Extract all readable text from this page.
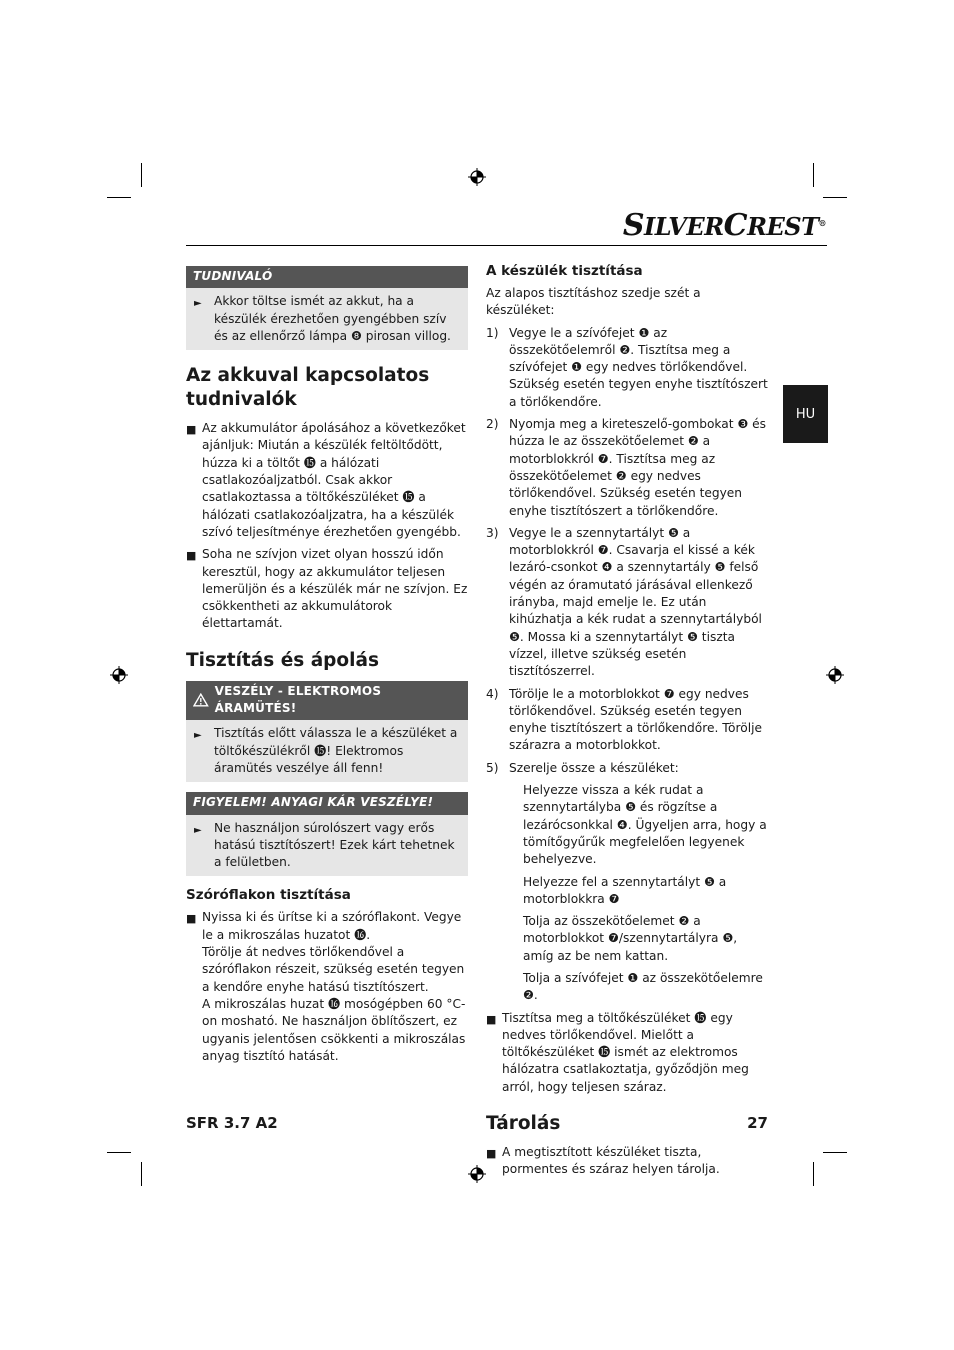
SILVERCREST®
HU
TUDNIVALÓ
►	Akkor töltse ismét az akkut, ha a készülék érezhetően gyengébben szív és az ellenőrző lámpa ❽ pirosan villog.
Az akkuval kapcsolatos tudnivalók
■ Az akkumulátor ápolásához a következőket ajánljuk: Miután a készülék feltöltődött, húzza ki a töltőt ⓯ a hálózati csatlakozóaljzatból. Csak akkor csatlakoztassa a töltőkészüléket ⓯ a hálózati csatlakozóaljzatra, ha a készülék szívó teljesítménye érezhetően gyengébb.
■ Soha ne szívjon vizet olyan hosszú időn keresztül, hogy az akkumulátor teljesen lemerüljön és a készülék már ne szívjon. Ez csökkentheti az akkumulátorok élettartamát.
Tisztítás és ápolás
VESZÉLY - ELEKTROMOS ÁRAMÜTÉS!
►	Tisztítás előtt válassza le a készüléket a töltőkészülékről ⓯! Elektromos áramütés veszélye áll fenn!
FIGYELEM! ANYAGI KÁR VESZÉLYE!
►	Ne használjon súrolószert vagy erős hatású tisztítószert! Ezek kárt tehetnek a felületben.
Szóróflakon tisztítása
■ Nyissa ki és ürítse ki a szóróflakont. Vegye le a mikroszálas huzatot ⓰.
Törölje át nedves törlőkendővel a szóróflakon részeit, szükség esetén tegyen a kendőre enyhe hatású tisztítószert.
A mikroszálas huzat ⓰ mosógépben 60 °C-on mosható. Ne használjon öblítőszert, ez ugyanis jelentősen csökkenti a mikroszálas anyag tisztító hatását.
A készülék tisztítása

Az alapos tisztításhoz szedje szét a készüléket:

1) Vegye le a szívófejet ❶ az összekötőelemről ❷. Tisztítsa meg a szívófejet ❶ egy nedves törlőkendővel. Szükség esetén tegyen enyhe tisztítószert a törlőkendőre.
2) Nyomja meg a kireteszelő-gombokat ❸ és húzza le az összekötőelemet ❷ a motorblokkról ❼. Tisztítsa meg az összekötőelemet ❷ egy nedves törlőkendővel. Szükség esetén tegyen enyhe tisztítószert a törlőkendőre.
3) Vegye le a szennytartályt ❺ a motorblokkról ❼. Csavarja el kissé a kék lezáró-csonkot ❹ a szennytartály ❺ felső végén az óramutató járásával ellenkező irányba, majd emelje le. Ez után kihúzhatja a kék rudat a szennytartályból ❺. Mossa ki a szennytartályt ❺ tiszta vízzel, illetve szükség esetén tisztítószerrel.
4) Törölje le a motorblokkot ❼ egy nedves törlőkendővel. Szükség esetén tegyen enyhe tisztítószert a törlőkendőre. Törölje szárazra a motorblokkot.
5) Szerelje össze a készüléket:
Helyezze vissza a kék rudat a szennytartályba ❺ és rögzítse a lezárócsonkkal ❹. Ügyeljen arra, hogy a tömítőgyűrűk megfelelően legyenek behelyezve.
Helyezze fel a szennytartályt ❺ a motorblokkra ❼
Tolja az összekötőelemet ❷ a motorblokkot ❼/szennytartályra ❺, amíg az be nem kattan.
Tolja a szívófejet ❶ az összekötőelemre ❷.
■ Tisztítsa meg a töltőkészüléket ⓯ egy nedves törlőkendővel. Mielőtt a töltőkészüléket ⓯ ismét az elektromos hálózatra csatlakoztatja, győződjön meg arról, hogy teljesen száraz.
Tárolás
■ A megtisztított készüléket tiszta, pormentes és száraz helyen tárolja.
SFR 3.7 A2	27
